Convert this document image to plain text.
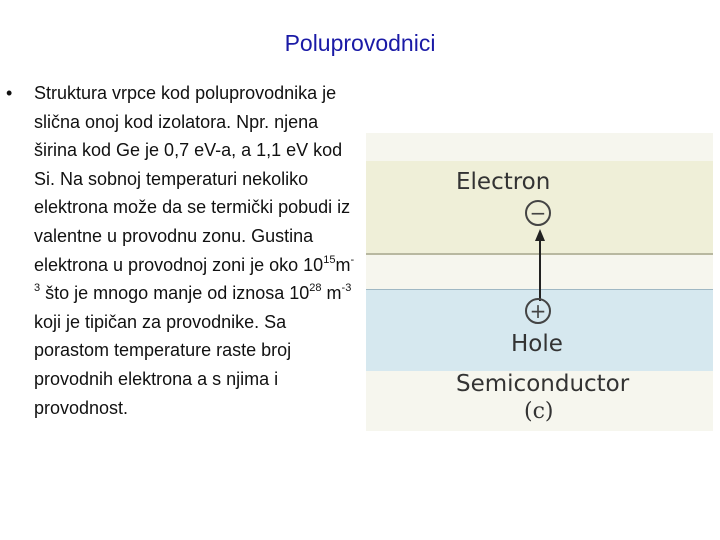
Poluprovodnici
• Struktura vrpce kod poluprovodnika je slična onoj kod izolatora. Npr. njena širina kod Ge je 0,7 eV-a, a 1,1 eV kod Si. Na sobnoj temperaturi nekoliko elektrona može da se termički pobudi iz valentne u provodnu zonu. Gustina elektrona u provodnoj zoni je oko $10^{15}m^{-3}$ što je mnogo manje od iznosa $10^{28}$ $m^{-3}$ koji je tipičan za provodnike. Sa porastom temperature raste broj provodnih elektrona a s njima i provodnost.
−
+
Electron
Hole
Semiconductor
(c)
